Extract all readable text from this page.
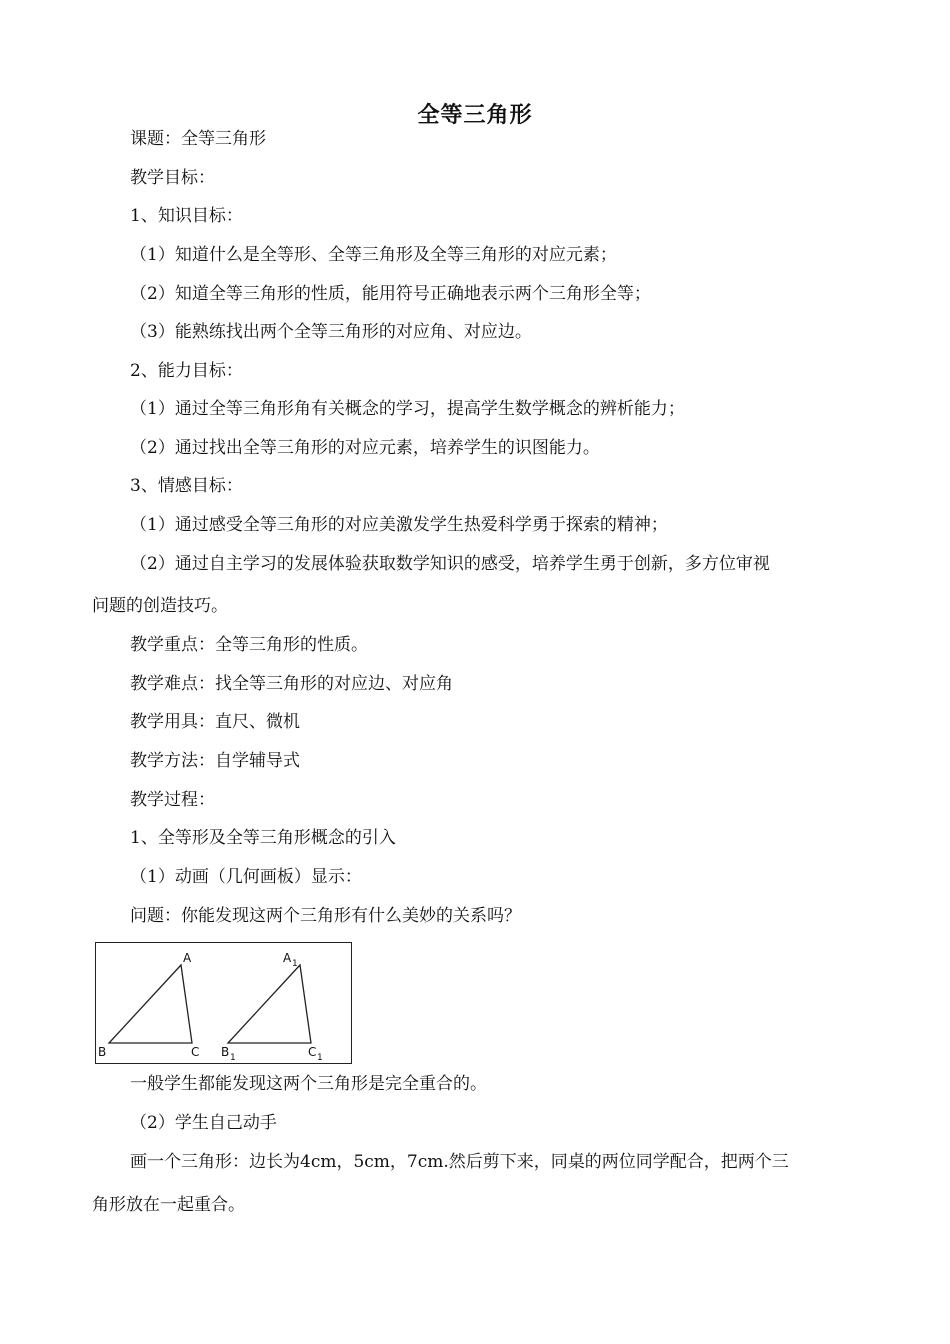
全等三角形
课题：全等三角形
教学目标：
1、知识目标：
（1）知道什么是全等形、全等三角形及全等三角形的对应元素；
（2）知道全等三角形的性质，能用符号正确地表示两个三角形全等；
（3）能熟练找出两个全等三角形的对应角、对应边。
2、能力目标：
（1）通过全等三角形角有关概念的学习，提高学生数学概念的辨析能力；
（2）通过找出全等三角形的对应元素，培养学生的识图能力。
3、情感目标：
（1）通过感受全等三角形的对应美激发学生热爱科学勇于探索的精神；
（2）通过自主学习的发展体验获取数学知识的感受，培养学生勇于创新，多方位审视
问题的创造技巧。
教学重点：全等三角形的性质。
教学难点：找全等三角形的对应边、对应角
教学用具：直尺、微机
教学方法：自学辅导式
教学过程：
1、全等形及全等三角形概念的引入
（1）动画（几何画板）显示：
问题：你能发现这两个三角形有什么美妙的关系吗？
A
B	C
A 1
B 1	C 1
一般学生都能发现这两个三角形是完全重合的。
（2）学生自己动手
画一个三角形：边长为4cm，5cm，7cm.然后剪下来，同桌的两位同学配合，把两个三
角形放在一起重合。
